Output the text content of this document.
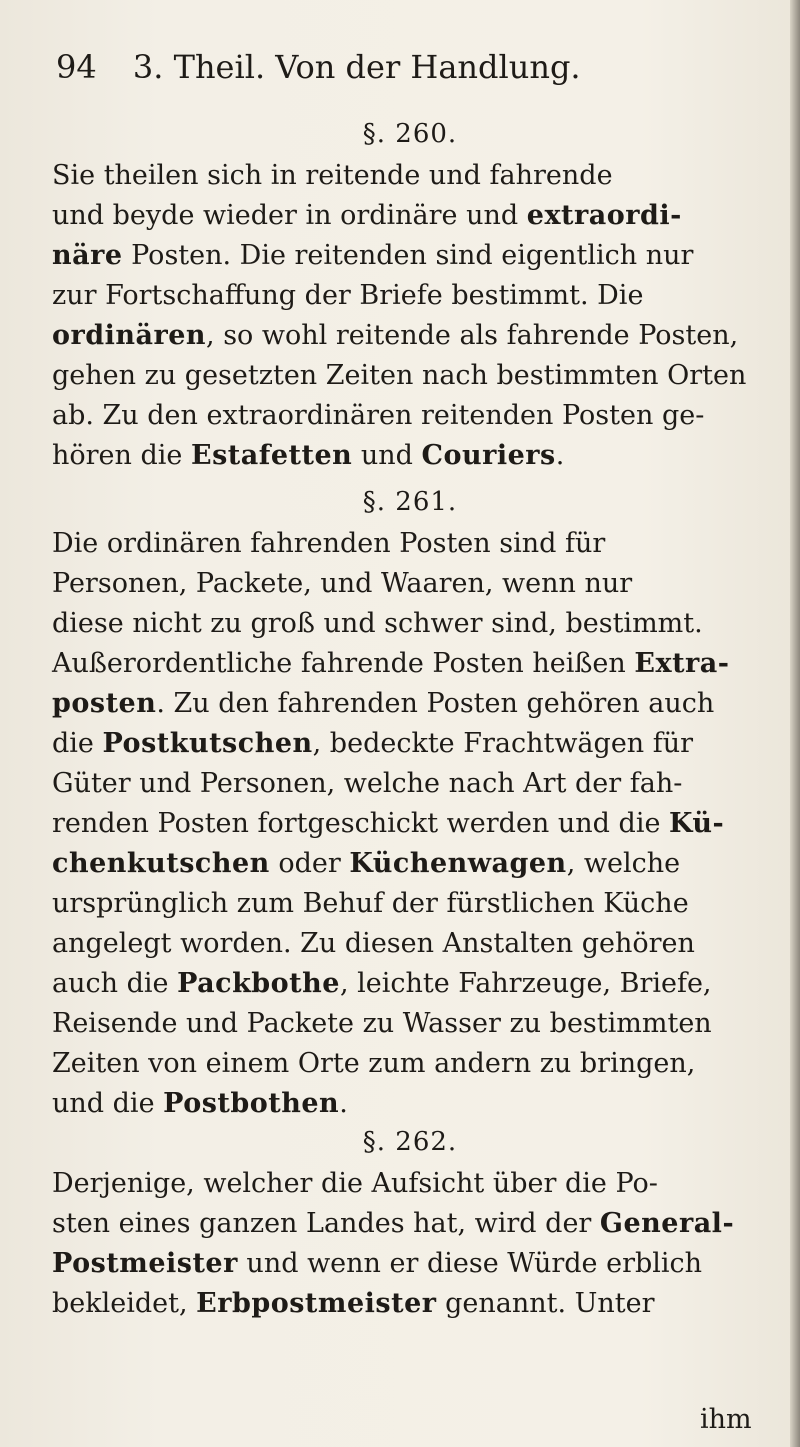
94 3. Theil. Von der Handlung.
§. 260.

Sie theilen sich in reitende und fahrende
und beyde wieder in ordinäre und extraordi-
näre Posten. Die reitenden sind eigentlich nur
zur Fortschaffung der Briefe bestimmt. Die
ordinären, so wohl reitende als fahrende Posten,
gehen zu gesetzten Zeiten nach bestimmten Orten
ab. Zu den extraordinären reitenden Posten ge-
hören die Estafetten und Couriers.

§. 261.

Die ordinären fahrenden Posten sind für
Personen, Packete, und Waaren, wenn nur
diese nicht zu groß und schwer sind, bestimmt.
Außerordentliche fahrende Posten heißen Extra-
posten. Zu den fahrenden Posten gehören auch
die Postkutschen, bedeckte Frachtwägen für
Güter und Personen, welche nach Art der fah-
renden Posten fortgeschickt werden und die Kü-
chenkutschen oder Küchenwagen, welche
ursprünglich zum Behuf der fürstlichen Küche
angelegt worden. Zu diesen Anstalten gehören
auch die Packbothe, leichte Fahrzeuge, Briefe,
Reisende und Packete zu Wasser zu bestimmten
Zeiten von einem Orte zum andern zu bringen,
und die Postbothen.

§. 262.

Derjenige, welcher die Aufsicht über die Po-
sten eines ganzen Landes hat, wird der General-
Postmeister und wenn er diese Würde erblich
bekleidet, Erbpostmeister genannt. Unter

ihm
